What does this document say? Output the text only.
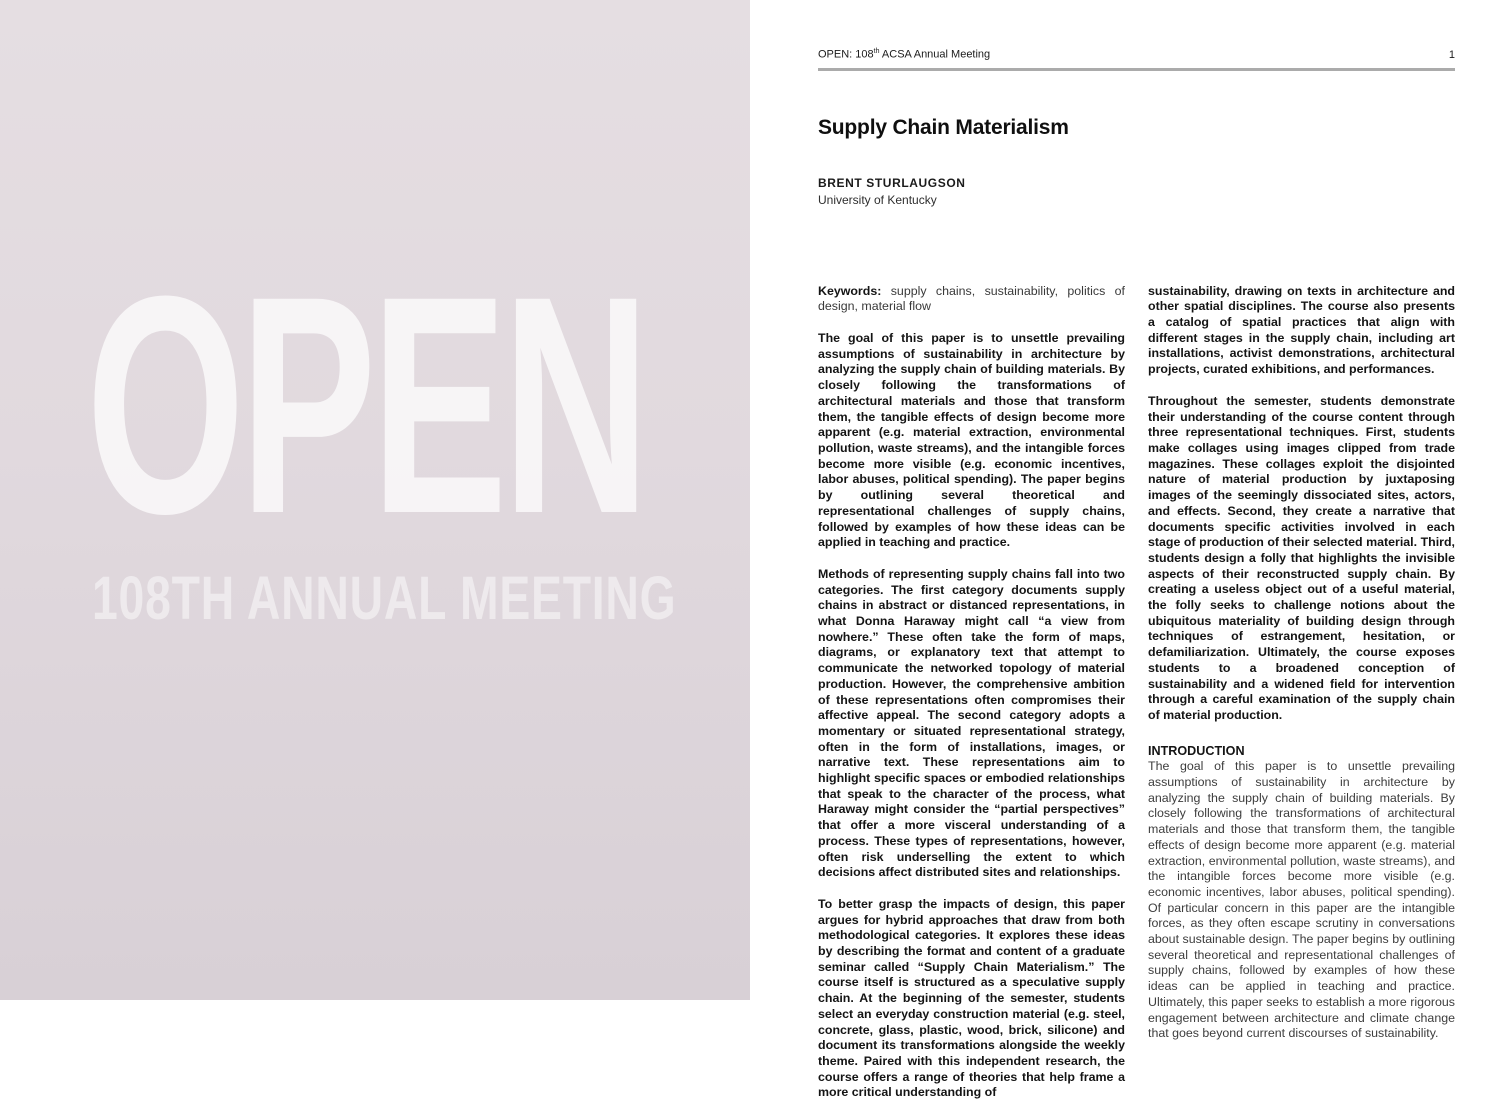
OPEN
108TH ANNUAL MEETING
OPEN: 108th ACSA Annual Meeting	1
Supply Chain Materialism
BRENT STURLAUGSON
University of Kentucky

Keywords: supply chains, sustainability, politics of design, material flow

The goal of this paper is to unsettle prevailing assumptions of sustainability in architecture by analyzing the supply chain of building materials. By closely following the transformations of architectural materials and those that transform them, the tangible effects of design become more apparent (e.g. material extraction, environmental pollution, waste streams), and the intangible forces become more visible (e.g. economic incentives, labor abuses, political spending). The paper begins by outlining several theoretical and representational challenges of supply chains, followed by examples of how these ideas can be applied in teaching and practice.

Methods of representing supply chains fall into two categories. The first category documents supply chains in abstract or distanced representations, in what Donna Haraway might call “a view from nowhere.” These often take the form of maps, diagrams, or explanatory text that attempt to communicate the networked topology of material production. However, the comprehensive ambition of these representations often compromises their affective appeal. The second category adopts a momentary or situated representational strategy, often in the form of installations, images, or narrative text. These representations aim to highlight specific spaces or embodied relationships that speak to the character of the process, what Haraway might consider the “partial perspectives” that offer a more visceral understanding of a process. These types of representations, however, often risk underselling the extent to which decisions affect distributed sites and relationships.

To better grasp the impacts of design, this paper argues for hybrid approaches that draw from both methodological categories. It explores these ideas by describing the format and content of a graduate seminar called “Supply Chain Materialism.” The course itself is structured as a speculative supply chain. At the beginning of the semester, students select an everyday construction material (e.g. steel, concrete, glass, plastic, wood, brick, silicone) and document its transformations alongside the weekly theme. Paired with this independent research, the course offers a range of theories that help frame a more critical understanding of

sustainability, drawing on texts in architecture and other spatial disciplines. The course also presents a catalog of spatial practices that align with different stages in the supply chain, including art installations, activist demonstrations, architectural projects, curated exhibitions, and performances.

Throughout the semester, students demonstrate their understanding of the course content through three representational techniques. First, students make collages using images clipped from trade magazines. These collages exploit the disjointed nature of material production by juxtaposing images of the seemingly dissociated sites, actors, and effects. Second, they create a narrative that documents specific activities involved in each stage of production of their selected material. Third, students design a folly that highlights the invisible aspects of their reconstructed supply chain. By creating a useless object out of a useful material, the folly seeks to challenge notions about the ubiquitous materiality of building design through techniques of estrangement, hesitation, or defamiliarization. Ultimately, the course exposes students to a broadened conception of sustainability and a widened field for intervention through a careful examination of the supply chain of material production.

INTRODUCTION

The goal of this paper is to unsettle prevailing assumptions of sustainability in architecture by analyzing the supply chain of building materials. By closely following the transformations of architectural materials and those that transform them, the tangible effects of design become more apparent (e.g. material extraction, environmental pollution, waste streams), and the intangible forces become more visible (e.g. economic incentives, labor abuses, political spending). Of particular concern in this paper are the intangible forces, as they often escape scrutiny in conversations about sustainable design. The paper begins by outlining several theoretical and representational challenges of supply chains, followed by examples of how these ideas can be applied in teaching and practice. Ultimately, this paper seeks to establish a more rigorous engagement between architecture and climate change that goes beyond current discourses of sustainability.
